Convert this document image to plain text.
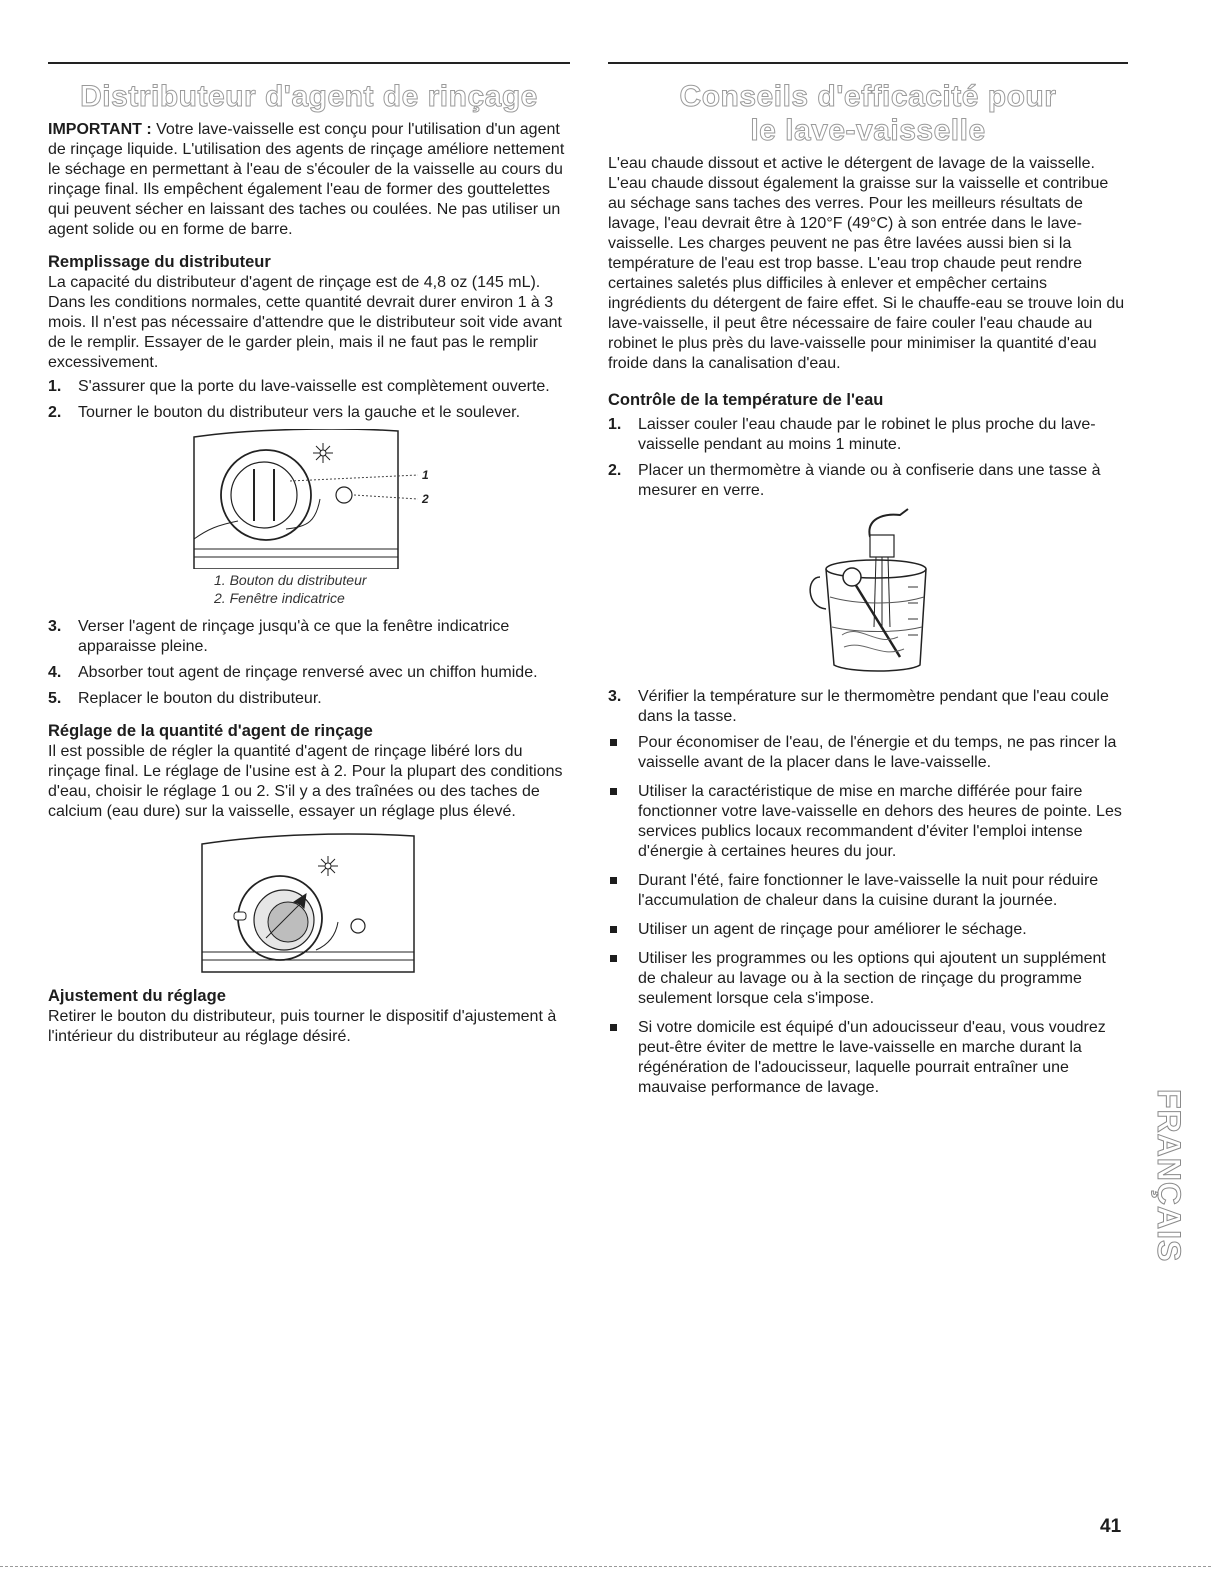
Distributeur d'agent de rinçage

IMPORTANT : Votre lave-vaisselle est conçu pour l'utilisation d'un agent de rinçage liquide. L'utilisation des agents de rinçage améliore nettement le séchage en permettant à l'eau de s'écouler de la vaisselle au cours du rinçage final. Ils empêchent également l'eau de former des gouttelettes qui peuvent sécher en laissant des taches ou coulées. Ne pas utiliser un agent solide ou en forme de barre.

Remplissage du distributeur

La capacité du distributeur d'agent de rinçage est de 4,8 oz (145 mL). Dans les conditions normales, cette quantité devrait durer environ 1 à 3 mois. Il n'est pas nécessaire d'attendre que le distributeur soit vide avant de le remplir. Essayer de le garder plein, mais il ne faut pas le remplir excessivement.

1. S'assurer que la porte du lave-vaisselle est complètement ouverte.
2. Tourner le bouton du distributeur vers la gauche et le soulever.
1
2
1. Bouton du distributeur
2. Fenêtre indicatrice
3. Verser l'agent de rinçage jusqu'à ce que la fenêtre indicatrice apparaisse pleine.
4. Absorber tout agent de rinçage renversé avec un chiffon humide.
5. Replacer le bouton du distributeur.
Réglage de la quantité d'agent de rinçage

Il est possible de régler la quantité d'agent de rinçage libéré lors du rinçage final. Le réglage de l'usine est à 2. Pour la plupart des conditions d'eau, choisir le réglage 1 ou 2. S'il y a des traînées ou des taches de calcium (eau dure) sur la vaisselle, essayer un réglage plus élevé.

Ajustement du réglage

Retirer le bouton du distributeur, puis tourner le dispositif d'ajustement à l'intérieur du distributeur au réglage désiré.

Conseils d'efficacité pour
le lave-vaisselle

L'eau chaude dissout et active le détergent de lavage de la vaisselle. L'eau chaude dissout également la graisse sur la vaisselle et contribue au séchage sans taches des verres. Pour les meilleurs résultats de lavage, l'eau devrait être à 120°F (49°C) à son entrée dans le lave-vaisselle. Les charges peuvent ne pas être lavées aussi bien si la température de l'eau est trop basse. L'eau trop chaude peut rendre certaines saletés plus difficiles à enlever et empêcher certains ingrédients du détergent de faire effet. Si le chauffe-eau se trouve loin du lave-vaisselle, il peut être nécessaire de faire couler l'eau chaude au robinet le plus près du lave-vaisselle pour minimiser la quantité d'eau froide dans la canalisation d'eau.

Contrôle de la température de l'eau
1. Laisser couler l'eau chaude par le robinet le plus proche du lave-vaisselle pendant au moins 1 minute.
2. Placer un thermomètre à viande ou à confiserie dans une tasse à mesurer en verre.
3. Vérifier la température sur le thermomètre pendant que l'eau coule dans la tasse.
Pour économiser de l'eau, de l'énergie et du temps, ne pas rincer la vaisselle avant de la placer dans le lave-vaisselle.
Utiliser la caractéristique de mise en marche différée pour faire fonctionner votre lave-vaisselle en dehors des heures de pointe. Les services publics locaux recommandent d'éviter l'emploi intense d'énergie à certaines heures du jour.
Durant l'été, faire fonctionner le lave-vaisselle la nuit pour réduire l'accumulation de chaleur dans la cuisine durant la journée.
Utiliser un agent de rinçage pour améliorer le séchage.
Utiliser les programmes ou les options qui ajoutent un supplément de chaleur au lavage ou à la section de rinçage du programme seulement lorsque cela s'impose.
Si votre domicile est équipé d'un adoucisseur d'eau, vous voudrez peut-être éviter de mettre le lave-vaisselle en marche durant la régénération de l'adoucisseur, laquelle pourrait entraîner une mauvaise performance de lavage.
FRANÇAIS
41
